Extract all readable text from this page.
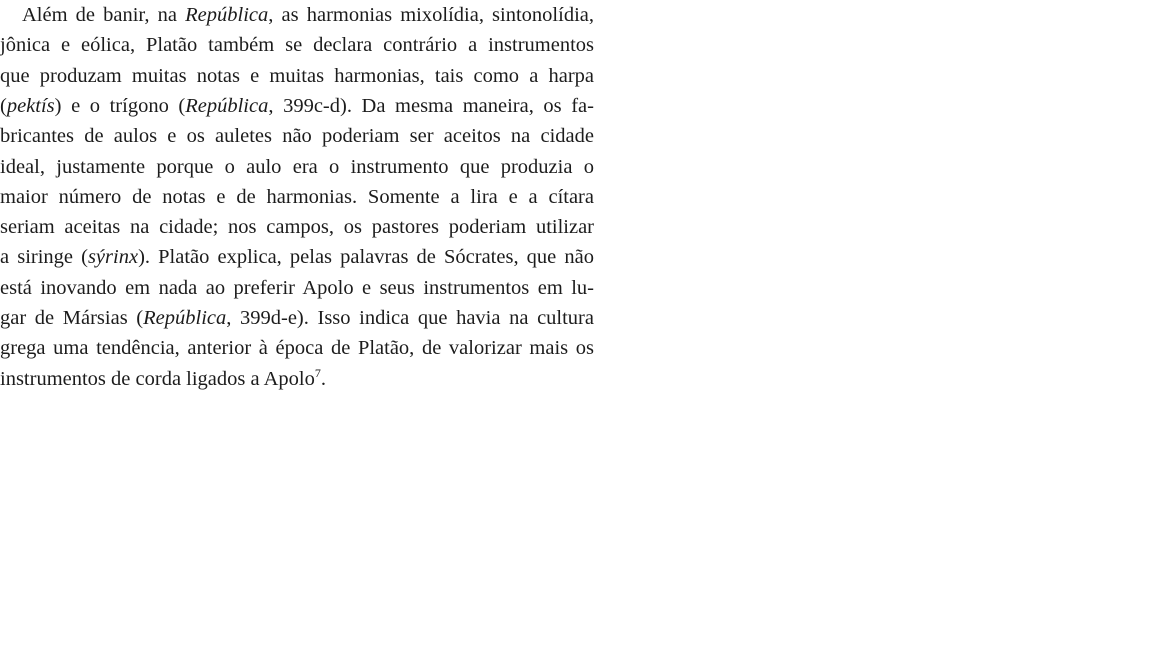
Além de banir, na República, as harmonias mixolídia, sintonolídia,
jônica e eólica, Platão também se declara contrário a instrumentos
que produzam muitas notas e muitas harmonias, tais como a harpa
(pektís) e o trígono (República, 399c-d). Da mesma maneira, os fa-
bricantes de aulos e os auletes não poderiam ser aceitos na cidade
ideal, justamente porque o aulo era o instrumento que produzia o
maior número de notas e de harmonias. Somente a lira e a cítara
seriam aceitas na cidade; nos campos, os pastores poderiam utilizar
a siringe (sýrinx). Platão explica, pelas palavras de Sócrates, que não
está inovando em nada ao preferir Apolo e seus instrumentos em lu-
gar de Mársias (República, 399d-e). Isso indica que havia na cultura
grega uma tendência, anterior à época de Platão, de valorizar mais os
instrumentos de corda ligados a Apolo$^7$.
